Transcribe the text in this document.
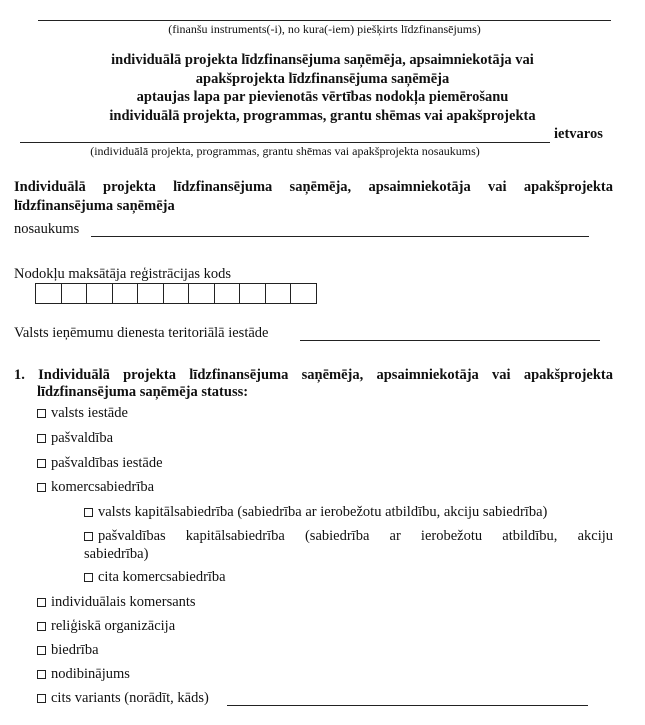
(finanšu instruments(-i), no kura(-iem) piešķirts līdzfinansējums)
individuālā projekta līdzfinansējuma saņēmēja, apsaimniekotāja vai
apakšprojekta līdzfinansējuma saņēmēja
aptaujas lapa par pievienotās vērtības nodokļa piemērošanu
individuālā projekta, programmas, grantu shēmas vai apakšprojekta
ietvaros
(individuālā projekta, programmas, grantu shēmas vai apakšprojekta nosaukums)
Individuālā projekta līdzfinansējuma saņēmēja, apsaimniekotāja vai apakšprojekta
līdzfinansējuma saņēmēja
nosaukums
Nodokļu maksātāja reģistrācijas kods
Valsts ieņēmumu dienesta teritoriālā iestāde
1. Individuālā projekta līdzfinansējuma saņēmēja, apsaimniekotāja vai apakšprojekta
līdzfinansējuma saņēmēja statuss:
valsts iestāde
pašvaldība
pašvaldības iestāde
komercsabiedrība
valsts kapitālsabiedrība (sabiedrība ar ierobežotu atbildību, akciju sabiedrība)
pašvaldības kapitālsabiedrība (sabiedrība ar ierobežotu atbildību, akciju
sabiedrība)
cita komercsabiedrība
individuālais komersants
reliģiskā organizācija
biedrība
nodibinājums
cits variants (norādīt, kāds)
